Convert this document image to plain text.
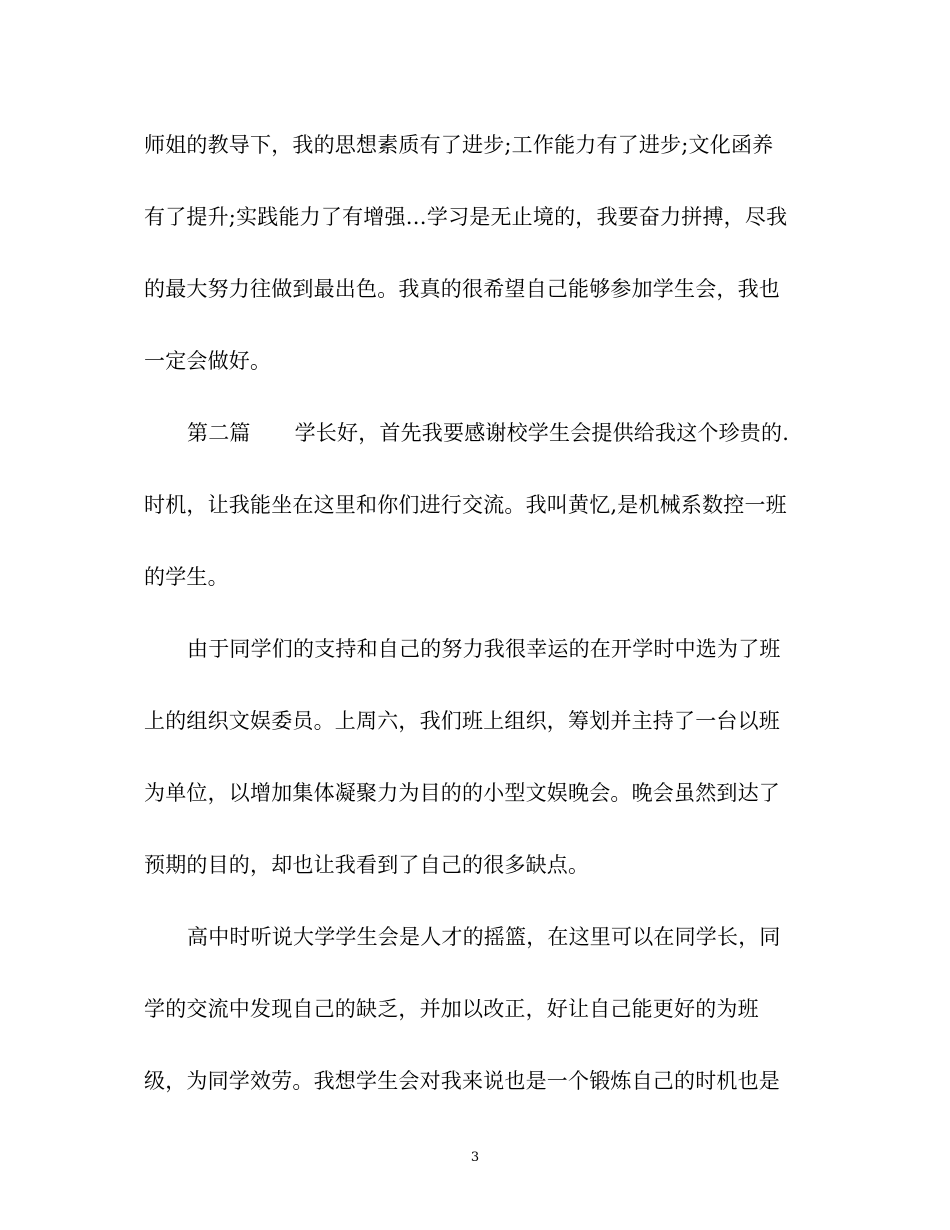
师姐的教导下，我的思想素质有了进步;工作能力有了进步;文化函养
有了提升;实践能力了有增强…学习是无止境的，我要奋力拼搏，尽我
的最大努力往做到最出色。我真的很希望自己能够参加学生会，我也
一定会做好。
第二篇 学长好，首先我要感谢校学生会提供给我这个珍贵的.
时机，让我能坐在这里和你们进行交流。我叫黄忆,是机械系数控一班
的学生。
由于同学们的支持和自己的努力我很幸运的在开学时中选为了班
上的组织文娱委员。上周六，我们班上组织，筹划并主持了一台以班
为单位，以增加集体凝聚力为目的的小型文娱晚会。晚会虽然到达了
预期的目的，却也让我看到了自己的很多缺点。
高中时听说大学学生会是人才的摇篮，在这里可以在同学长，同
学的交流中发现自己的缺乏，并加以改正，好让自己能更好的为班
级，为同学效劳。我想学生会对我来说也是一个锻炼自己的时机也是
3
